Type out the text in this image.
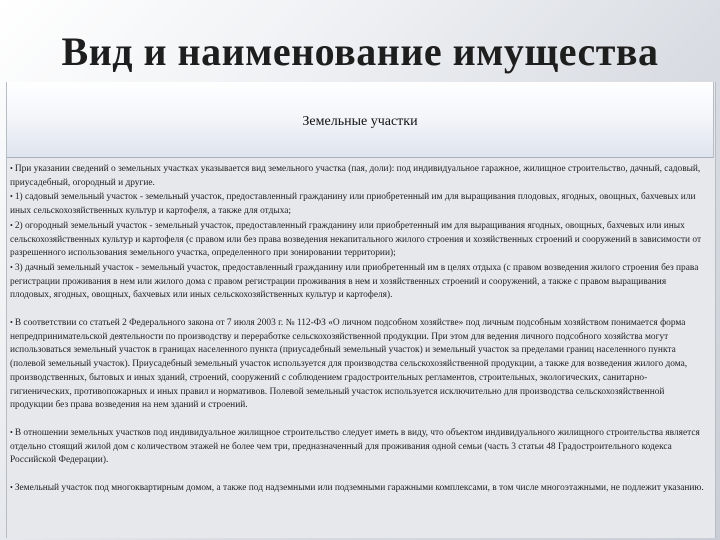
Вид и наименование имущества
Земельные участки

• При указании сведений о земельных участках указывается вид земельного участка (пая, доли): под индивидуальное гаражное, жилищное строительство, дачный, садовый, приусадебный, огородный и другие.

• 1) садовый земельный участок - земельный участок, предоставленный гражданину или приобретенный им для выращивания плодовых, ягодных, овощных, бахчевых или иных сельскохозяйственных культур и картофеля, а также для отдыха;

• 2) огородный земельный участок - земельный участок, предоставленный гражданину или приобретенный им для выращивания ягодных, овощных, бахчевых или иных сельскохозяйственных культур и картофеля (с правом или без права возведения некапитального жилого строения и хозяйственных строений и сооружений в зависимости от разрешенного использования земельного участка, определенного при зонировании территории);

• 3) дачный земельный участок - земельный участок, предоставленный гражданину или приобретенный им в целях отдыха (с правом возведения жилого строения без права регистрации проживания в нем или жилого дома с правом регистрации проживания в нем и хозяйственных строений и сооружений, а также с правом выращивания плодовых, ягодных, овощных, бахчевых или иных сельскохозяйственных культур и картофеля).

• В соответствии со статьей 2 Федерального закона от 7 июля 2003 г. № 112-ФЗ «О личном подсобном хозяйстве» под личным подсобным хозяйством понимается форма непредпринимательской деятельности по производству и переработке сельскохозяйственной продукции. При этом для ведения личного подсобного хозяйства могут использоваться земельный участок в границах населенного пункта (приусадебный земельный участок) и земельный участок за пределами границ населенного пункта (полевой земельный участок). Приусадебный земельный участок используется для производства сельскохозяйственной продукции, а также для возведения жилого дома, производственных, бытовых и иных зданий, строений, сооружений с соблюдением градостроительных регламентов, строительных, экологических, санитарно-гигиенических, противопожарных и иных правил и нормативов. Полевой земельный участок используется исключительно для производства сельскохозяйственной продукции без права возведения на нем зданий и строений.

• В отношении земельных участков под индивидуальное жилищное строительство следует иметь в виду, что объектом индивидуального жилищного строительства является отдельно стоящий жилой дом с количеством этажей не более чем три, предназначенный для проживания одной семьи (часть 3 статьи 48 Градостроительного кодекса Российской Федерации).

• Земельный участок под многоквартирным домом, а также под надземными или подземными гаражными комплексами, в том числе многоэтажными, не подлежит указанию.
